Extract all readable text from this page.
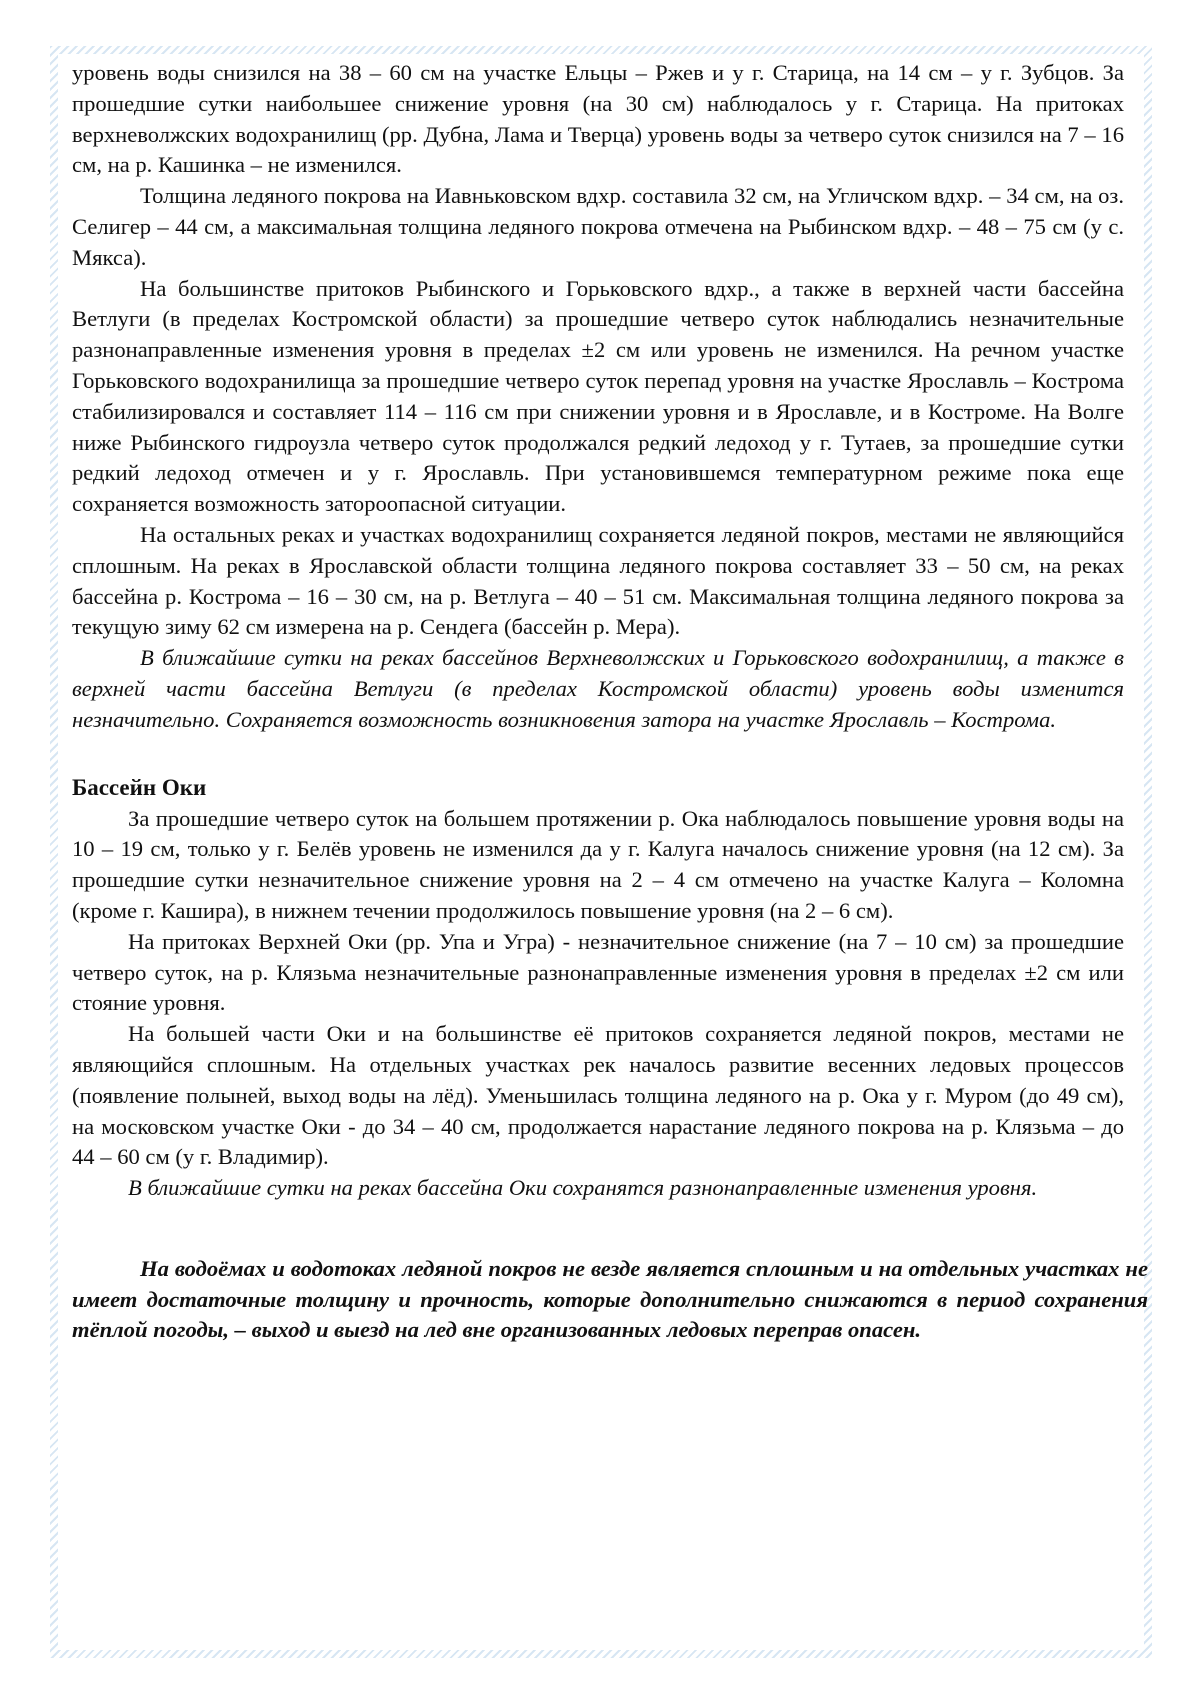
уровень воды снизился на 38 – 60 см на участке Ельцы – Ржев и у г. Старица, на 14 см – у г. Зубцов. За прошедшие сутки наибольшее снижение уровня (на 30 см) наблюдалось у г. Старица. На притоках верхневолжских водохранилищ (рр. Дубна, Лама и Тверца) уровень воды за четверо суток снизился на 7 – 16 см, на р. Кашинка – не изменился.

Толщина ледяного покрова на Иавньковском вдхр. составила 32 см, на Угличском вдхр. – 34 см, на оз. Селигер – 44 см, а максимальная толщина ледяного покрова отмечена на Рыбинском вдхр. – 48 – 75 см (у с. Мякса).

На большинстве притоков Рыбинского и Горьковского вдхр., а также в верхней части бассейна Ветлуги (в пределах Костромской области) за прошедшие четверо суток наблюдались незначительные разнонаправленные изменения уровня в пределах ±2 см или уровень не изменился. На речном участке Горьковского водохранилища за прошедшие четверо суток перепад уровня на участке Ярославль – Кострома стабилизировался и составляет 114 – 116 см при снижении уровня и в Ярославле, и в Костроме. На Волге ниже Рыбинского гидроузла четверо суток продолжался редкий ледоход у г. Тутаев, за прошедшие сутки редкий ледоход отмечен и у г. Ярославль. При установившемся температурном режиме пока еще сохраняется возможность затороопасной ситуации.

На остальных реках и участках водохранилищ сохраняется ледяной покров, местами не являющийся сплошным. На реках в Ярославской области толщина ледяного покрова составляет 33 – 50 см, на реках бассейна р. Кострома – 16 – 30 см, на р. Ветлуга – 40 – 51 см. Максимальная толщина ледяного покрова за текущую зиму 62 см измерена на р. Сендега (бассейн р. Мера).

В ближайшие сутки на реках бассейнов Верхневолжских и Горьковского водохранилищ, а также в верхней части бассейна Ветлуги (в пределах Костромской области) уровень воды изменится незначительно. Сохраняется возможность возникновения затора на участке Ярославль – Кострома.

Бассейн Оки

За прошедшие четверо суток на большем протяжении р. Ока наблюдалось повышение уровня воды на 10 – 19 см, только у г. Белёв уровень не изменился да у г. Калуга началось снижение уровня (на 12 см). За прошедшие сутки незначительное снижение уровня на 2 – 4 см отмечено на участке Калуга – Коломна (кроме г. Кашира), в нижнем течении продолжилось повышение уровня (на 2 – 6 см).

На притоках Верхней Оки (рр. Упа и Угра) - незначительное снижение (на 7 – 10 см) за прошедшие четверо суток, на р. Клязьма незначительные разнонаправленные изменения уровня в пределах ±2 см или стояние уровня.

На большей части Оки и на большинстве её притоков сохраняется ледяной покров, местами не являющийся сплошным. На отдельных участках рек началось развитие весенних ледовых процессов (появление полыней, выход воды на лёд). Уменьшилась толщина ледяного на р. Ока у г. Муром (до 49 см), на московском участке Оки - до 34 – 40 см, продолжается нарастание ледяного покрова на р. Клязьма – до 44 – 60 см (у г. Владимир).

В ближайшие сутки на реках бассейна Оки сохранятся разнонаправленные изменения уровня.

На водоёмах и водотоках ледяной покров не везде является сплошным и на отдельных участках не имеет достаточные толщину и прочность, которые дополнительно снижаются в период сохранения тёплой погоды, – выход и выезд на лед вне организованных ледовых переправ опасен.
